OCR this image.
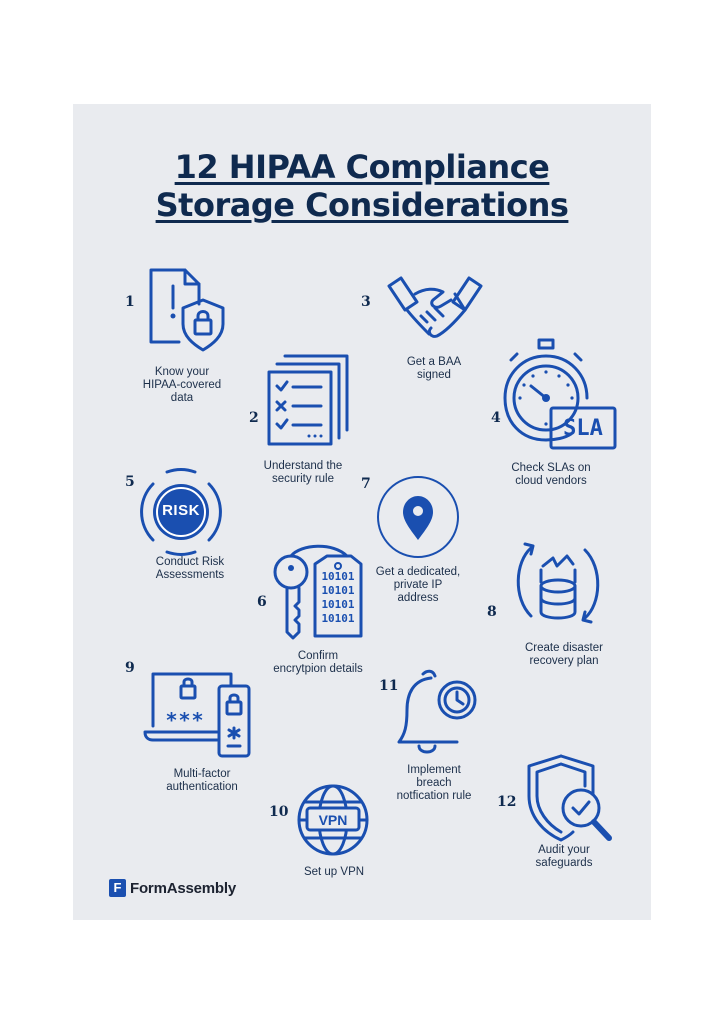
12 HIPAA Compliance
Storage Considerations
1
Know your HIPAA-covered data
2
Understand the security rule
3
Get a BAA signed
4	SLA
Check SLAs on cloud vendors
5
RISK
Conduct Risk Assessments
6
10101
10101
10101
10101
Confirm encrytpion details
7
Get a dedicated, private IP address
8
Create disaster recovery plan
9
***
Multi-factor authentication
10	VPN
Set up VPN
11
Implement breach notfication rule	12
Audit your safeguards
F FormAssembly
